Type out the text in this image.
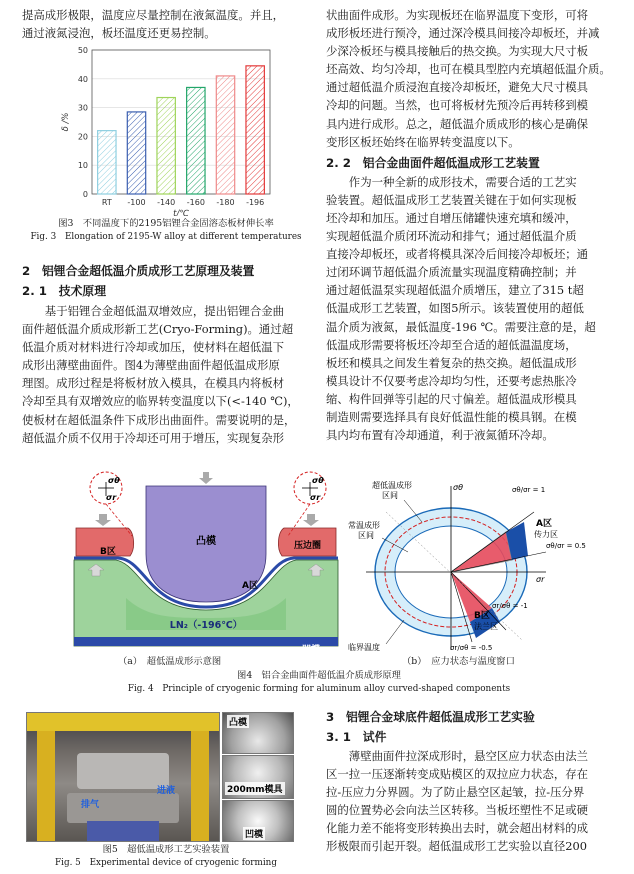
提高成形极限，温度应尽量控制在液氮温度。并且，

通过液氮浸泡，板坯温度还更易控制。

0
10
20
30
40
50
RT -100 -140 -160 -180 -196
t/℃
δ /%

图3　不同温度下的2195铝锂合金固溶态板材伸长率

Fig. 3　Elongation of 2195-W alloy at different temperatures

2　铝锂合金超低温介质成形工艺原理及装置

2. 1　技术原理

基于铝锂合金超低温双增效应，提出铝锂合金曲

面件超低温介质成形新工艺(Cryo-Forming)。通过超

低温介质对材料进行冷却或加压，使材料在超低温下

成形出薄壁曲面件。图4为薄壁曲面件超低温成形原

理图。成形过程是将板材放入模具，在模具内将板材

冷却至具有双增效应的临界转变温度以下(<-140 ℃)，

使板材在超低温条件下成形出曲面件。需要说明的是，

超低温介质不仅用于冷却还可用于增压，实现复杂形

状曲面件成形。为实现板坯在临界温度下变形，可将

成形板坯进行预冷，通过深冷模具间接冷却板坯，并减

少深冷板坯与模具接触后的热交换。为实现大尺寸板

坯高效、均匀冷却，也可在模具型腔内充填超低温介质。

通过超低温介质浸泡直接冷却板坯，避免大尺寸模具

冷却的问题。当然，也可将板材先预冷后再转移到模

具内进行成形。总之，超低温介质成形的核心是确保

变形区板坯始终在临界转变温度以下。

2. 2　铝合金曲面件超低温成形工艺装置

作为一种全新的成形技术，需要合适的工艺实

验装置。超低温成形工艺装置关键在于如何实现板

坯冷却和加压。通过自增压储罐快速充填和缓冲，

实现超低温介质闭环流动和排气；通过超低温介质

直接冷却板坯，或者将模具深冷后间接冷却板坯；通

过闭环调节超低温介质流量实现温度精确控制；并

通过超低温泵实现超低温介质增压，建立了315 t超

低温成形工艺装置，如图5所示。该装置使用的超低

温介质为液氮，最低温度-196 ℃。需要注意的是，超

低温成形需要将板坯冷却至合适的超低温温度场，

板坯和模具之间发生着复杂的热交换。超低温成形

模具设计不仅要考虑冷却均匀性，还要考虑热胀冷

缩、构件回弹等引起的尺寸偏差。超低温成形模具

制造则需要选择具有良好低温性能的模具钢。在模

具内均布置有冷却通道，利于液氮循环冷却。

σθ
σr
σθ
σr
凸模
B区
压边圈
A区
LN₂（-196℃）
凹模
σθ
σr
σθ/σr = 1
σθ/σr = 0.5
σr/σθ = -1
σr/σθ = -0.5
超低温成形
区间
常温成形
区间
A区
传力区
B区
法兰区
临界温度
（a）　超低温成形示意图	（b）　应力状态与温度窗口

图4　铝合金曲面件超低温介质成形原理

Fig. 4　Principle of cryogenic forming for aluminum alloy curved-shaped components

排气
进液
凸模
200mm模具
凹模

图5　超低温成形工艺实验装置

Fig. 5　Experimental device of cryogenic forming

3　铝锂合金球底件超低温成形工艺实验

3. 1　试件

薄壁曲面件拉深成形时，悬空区应力状态由法兰

区一拉一压逐渐转变成贴模区的双拉应力状态，存在

拉-压应力分界圆。为了防止悬空区起皱，拉-压分界

圆的位置势必会向法兰区转移。当板坯塑性不足或硬

化能力差不能将变形转换出去时，就会超出材料的成

形极限而引起开裂。超低温成形工艺实验以直径200
